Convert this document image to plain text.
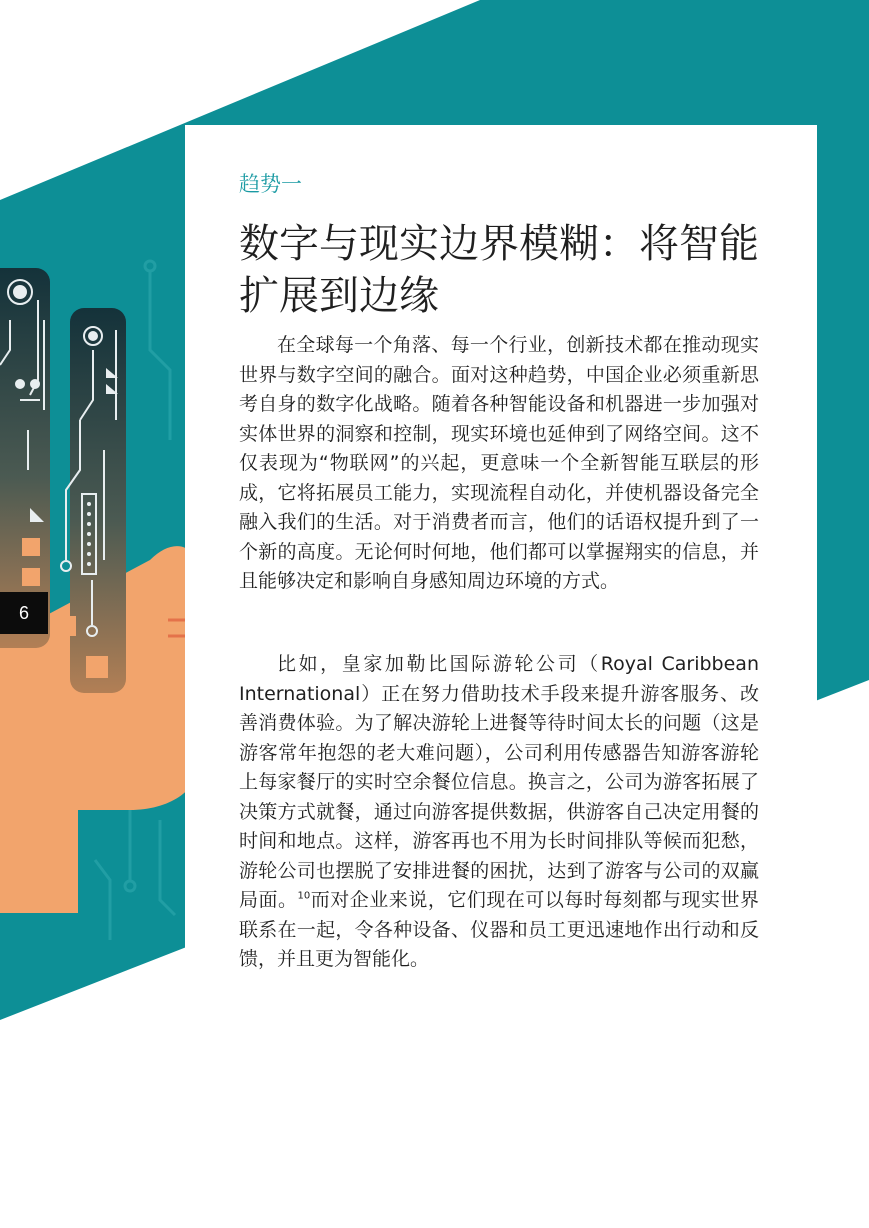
趋势一
数字与现实边界模糊：将智能扩展到边缘

在全球每一个角落、每一个行业，创新技术都在推动现实世界与数字空间的融合。面对这种趋势，中国企业必须重新思考自身的数字化战略。随着各种智能设备和机器进一步加强对实体世界的洞察和控制，现实环境也延伸到了网络空间。这不仅表现为“物联网”的兴起，更意味一个全新智能互联层的形成，它将拓展员工能力，实现流程自动化，并使机器设备完全融入我们的生活。对于消费者而言，他们的话语权提升到了一个新的高度。无论何时何地，他们都可以掌握翔实的信息，并且能够决定和影响自身感知周边环境的方式。

比如，皇家加勒比国际游轮公司（Royal Caribbean International）正在努力借助技术手段来提升游客服务、改善消费体验。为了解决游轮上进餐等待时间太长的问题（这是游客常年抱怨的老大难问题），公司利用传感器告知游客游轮上每家餐厅的实时空余餐位信息。换言之，公司为游客拓展了决策方式就餐，通过向游客提供数据，供游客自己决定用餐的时间和地点。这样，游客再也不用为长时间排队等候而犯愁，游轮公司也摆脱了安排进餐的困扰，达到了游客与公司的双赢局面。$^{10}$而对企业来说，它们现在可以每时每刻都与现实世界联系在一起，令各种设备、仪器和员工更迅速地作出行动和反馈，并且更为智能化。

6
